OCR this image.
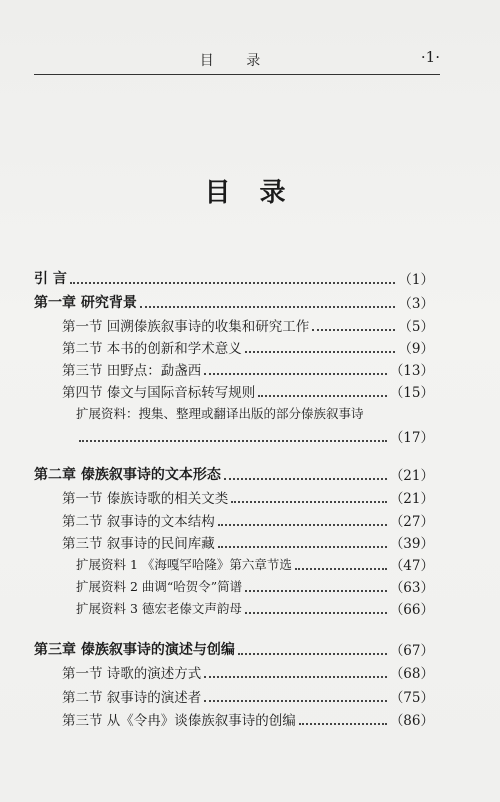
目 录	·1·
目 录
引 言	（1）
第一章 研究背景	（3）
第一节 回溯傣族叙事诗的收集和研究工作	（5）
第二节 本书的创新和学术意义	（9）
第三节 田野点：勐盏西	（13）
第四节 傣文与国际音标转写规则	（15）
扩展资料：搜集、整理或翻译出版的部分傣族叙事诗
（17）
第二章 傣族叙事诗的文本形态	（21）
第一节 傣族诗歌的相关文类	（21）
第二节 叙事诗的文本结构	（27）
第三节 叙事诗的民间库藏	（39）
扩展资料 1 《海嘎罕哈隆》第六章节选	（47）
扩展资料 2 曲调“哈贺令”简谱	（63）
扩展资料 3 德宏老傣文声韵母	（66）
第三章 傣族叙事诗的演述与创编	（67）
第一节 诗歌的演述方式	（68）
第二节 叙事诗的演述者	（75）
第三节 从《令冉》谈傣族叙事诗的创编	（86）
